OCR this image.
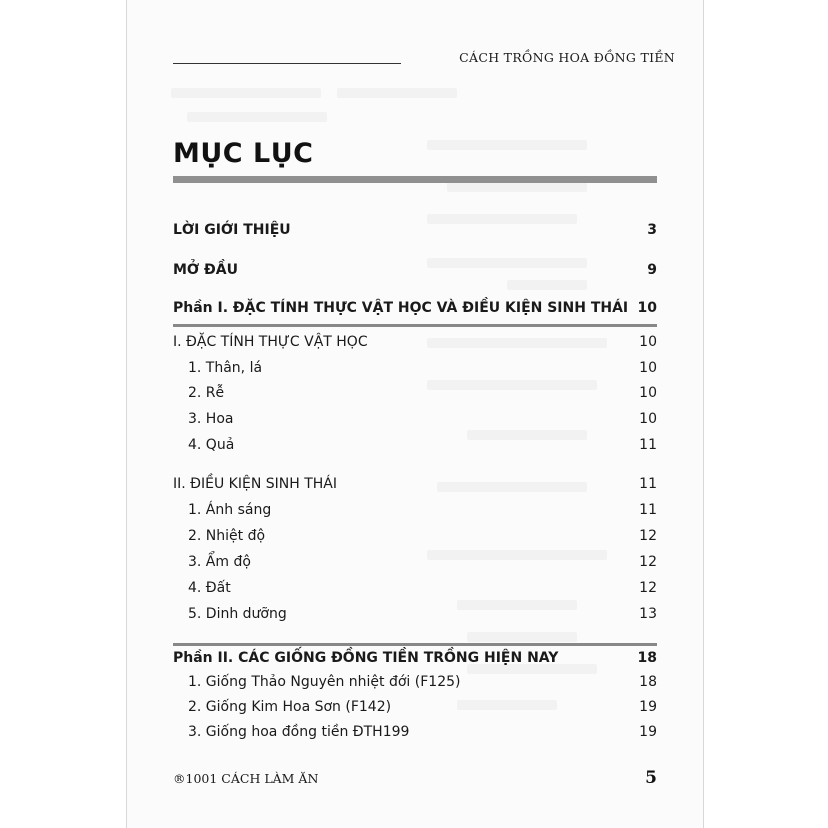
CÁCH TRỒNG HOA ĐỒNG TIỀN
MỤC LỤC
LỜI GIỚI THIỆU	3
MỞ ĐẦU	9
Phần I. ĐẶC TÍNH THỰC VẬT HỌC VÀ ĐIỀU KIỆN SINH THÁI 10
I. ĐẶC TÍNH THỰC VẬT HỌC	10
1. Thân, lá	10
2. Rễ	10
3. Hoa	10
4. Quả	11
II. ĐIỀU KIỆN SINH THÁI	11
1. Ánh sáng	11
2. Nhiệt độ	12
3. Ẩm độ	12
4. Đất	12
5. Dinh dưỡng	13
Phần II. CÁC GIỐNG ĐỒNG TIỀN TRỒNG HIỆN NAY	18
1. Giống Thảo Nguyên nhiệt đới (F125)	18
2. Giống Kim Hoa Sơn (F142)	19
3. Giống hoa đồng tiền ĐTH199	19
®1001 CÁCH LÀM ĂN	5
